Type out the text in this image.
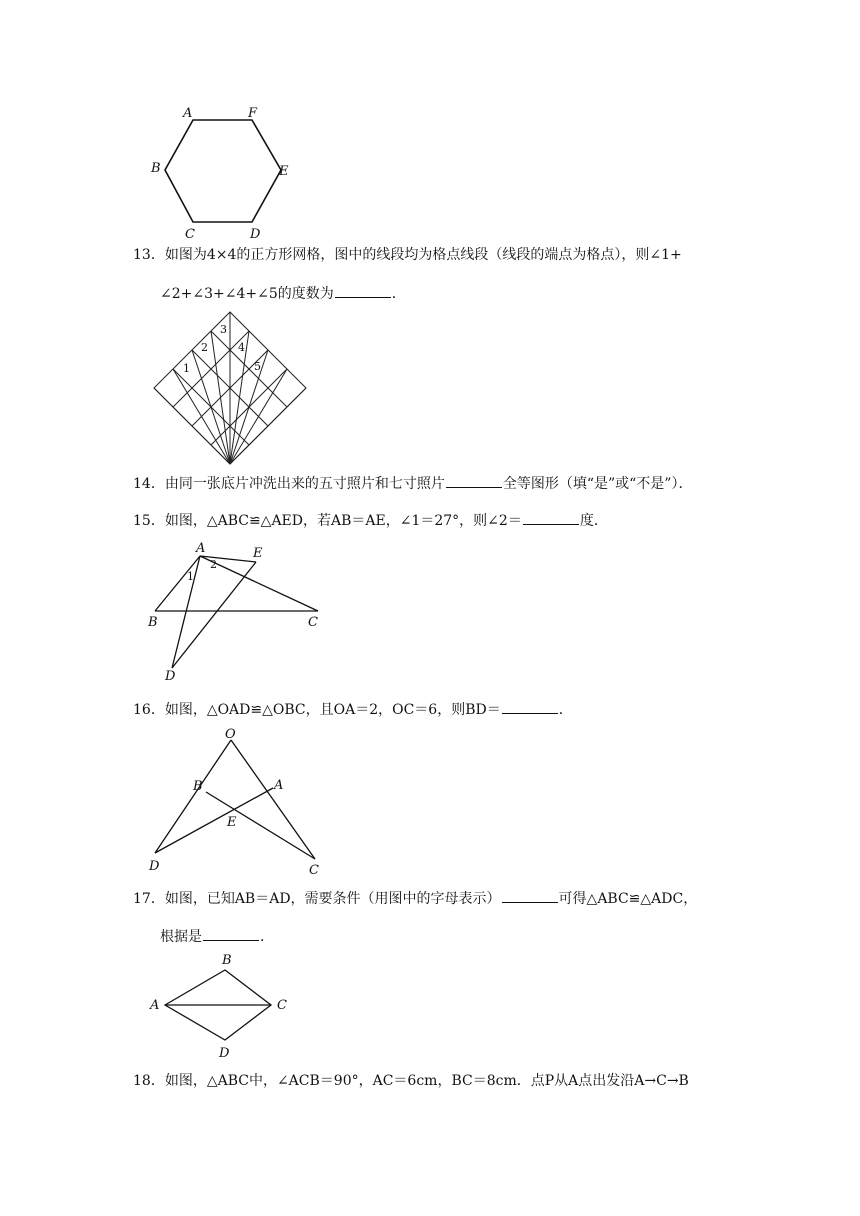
A	F
B	E
C	D
13．如图为4×4的正方形网格，图中的线段均为格点线段（线段的端点为格点），则∠1+
∠2+∠3+∠4+∠5的度数为	．
1
2
3
4
5
14．由同一张底片冲洗出来的五寸照片和七寸照片	全等图形（填“是”或“不是”）．
15．如图，△ABC≌△AED，若AB＝AE，∠1＝27°，则∠2＝	度．
A	E
1
2
B	C
D
16．如图，△OAD≌△OBC，且OA＝2，OC＝6，则BD＝	．
O
B	A
E
D	C
17．如图，已知AB＝AD，需要条件（用图中的字母表示）	可得△ABC≌△ADC，
根据是	．
B
A	C
D
18．如图，△ABC中，∠ACB＝90°，AC＝6cm，BC＝8cm．点P从A点出发沿A→C→B
